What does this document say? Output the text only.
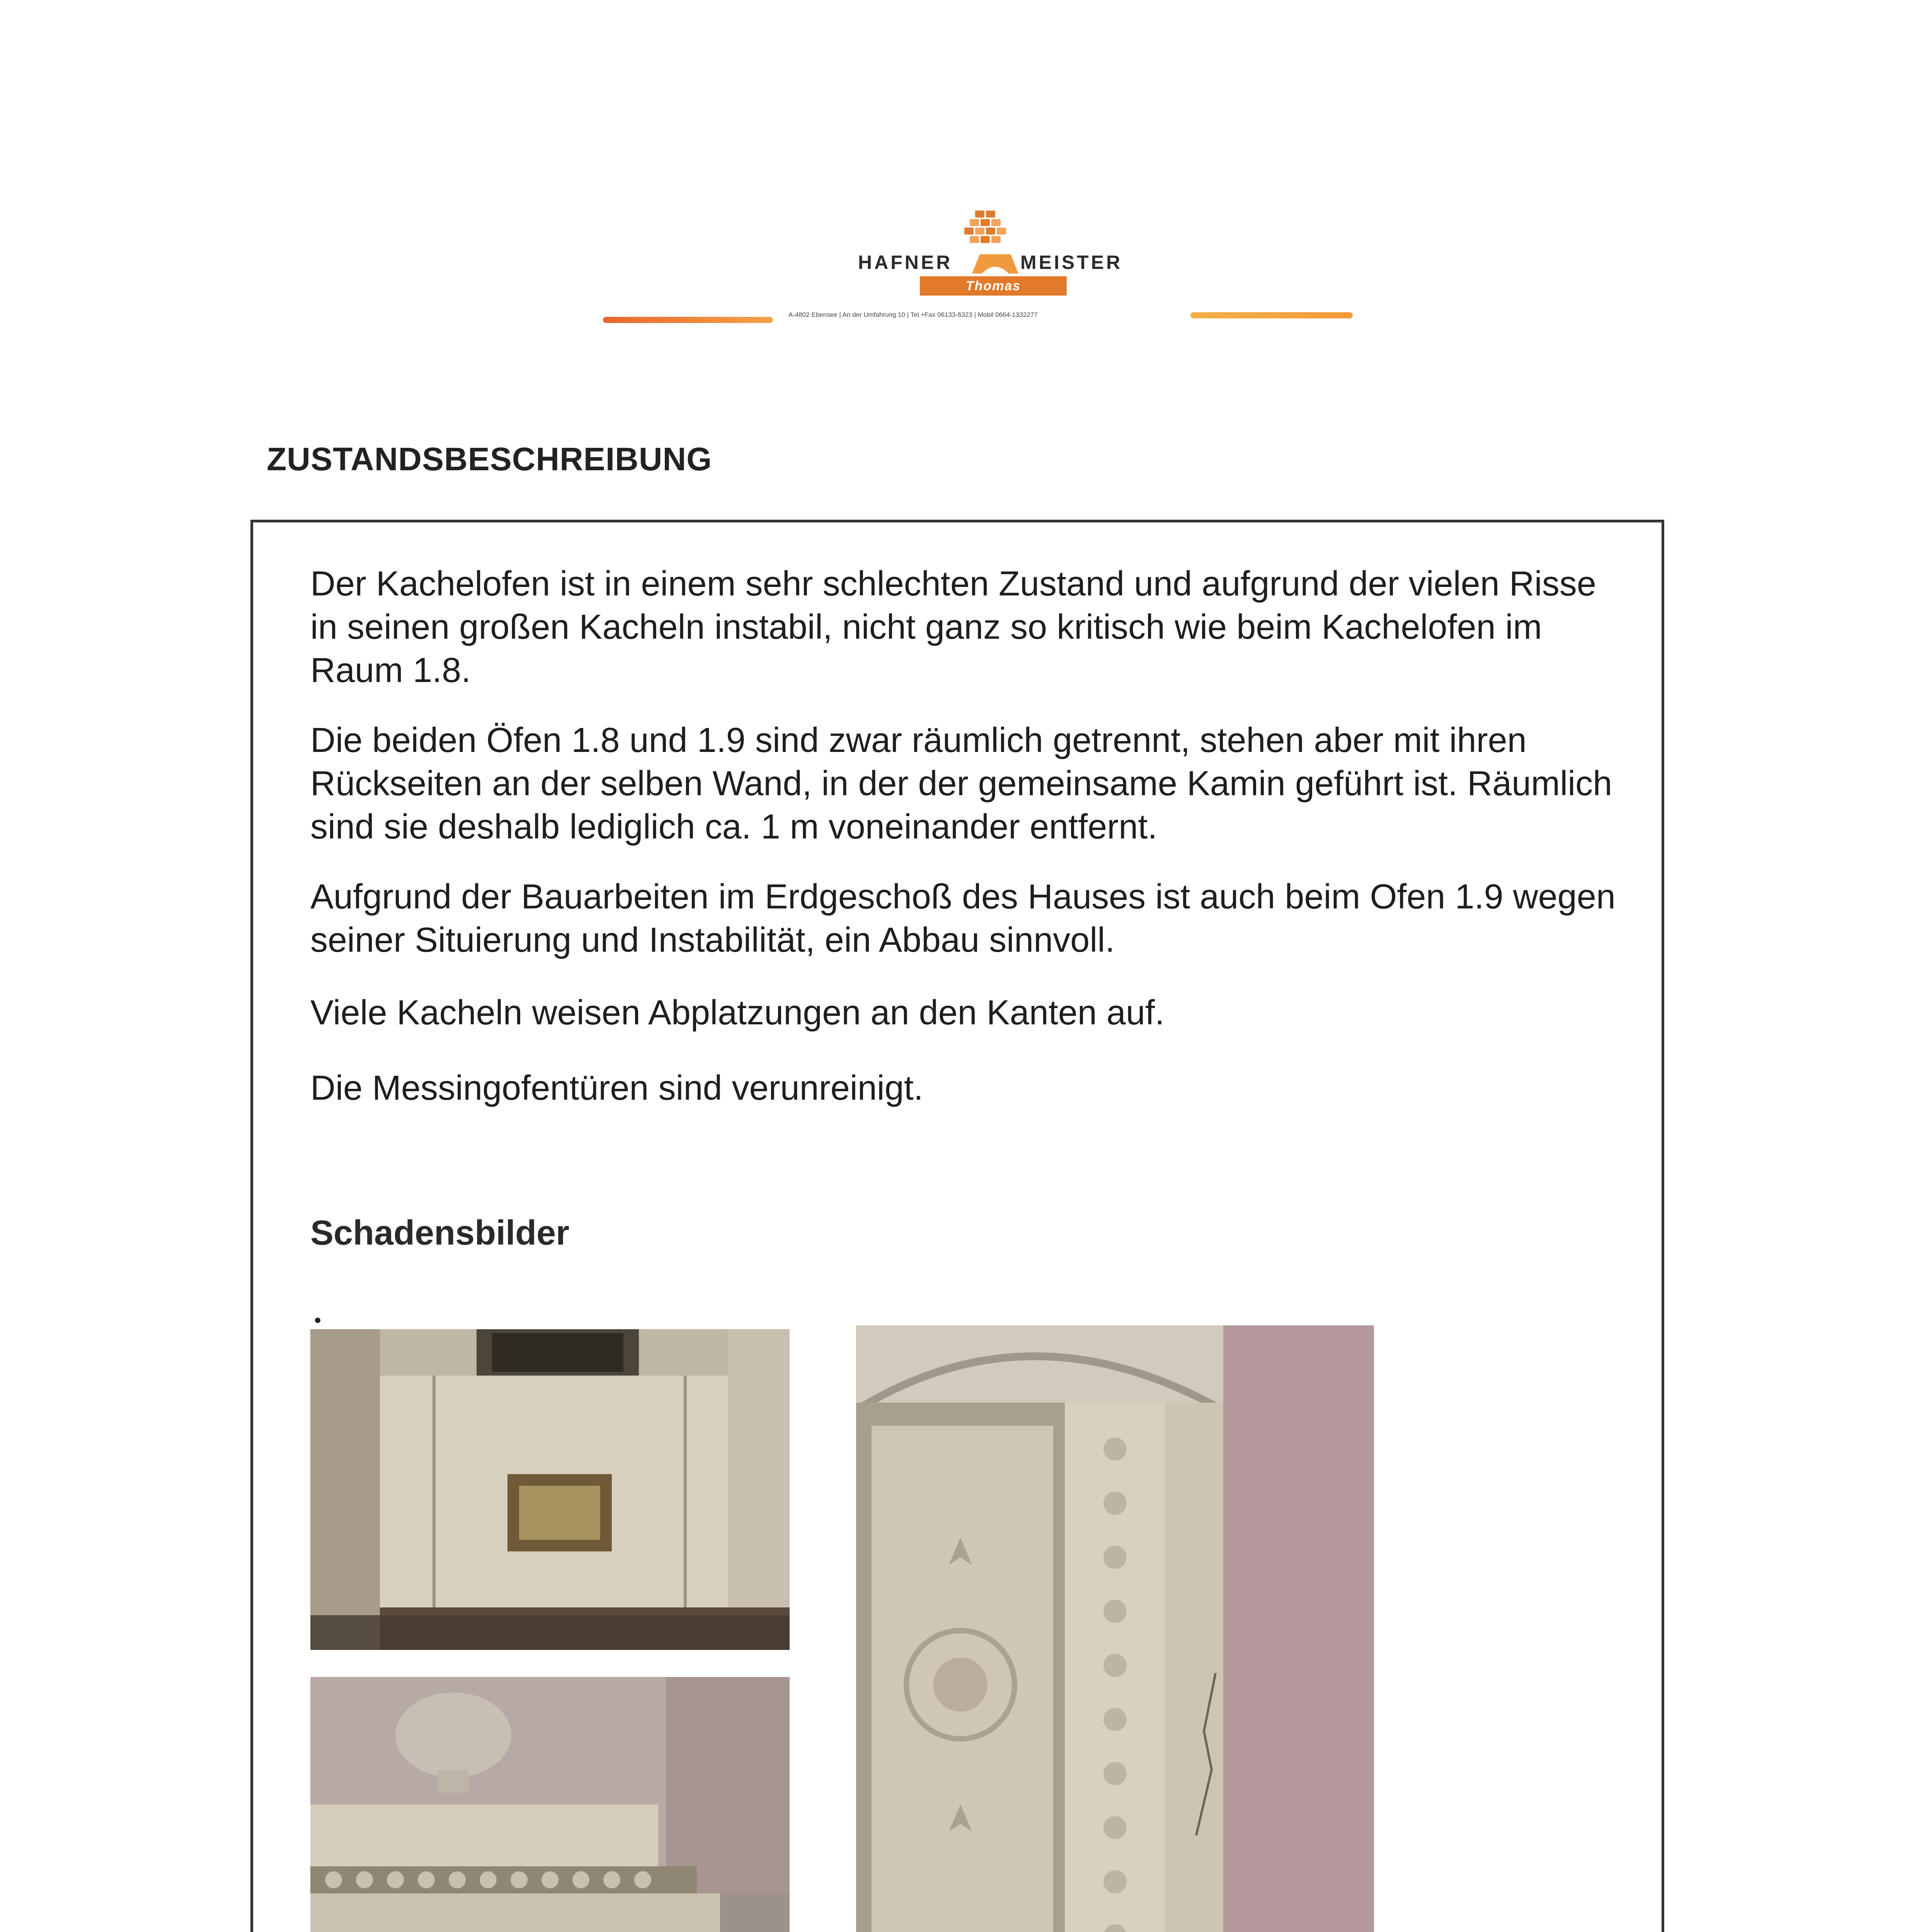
HAFNER	MEISTER
Thomas Bochsbichler
A-4802 Ebensee | An der Umfahrung 10 | Tel.+Fax 06133-6323 | Mobil 0664-1332277
ZUSTANDSBESCHREIBUNG

Der Kachelofen ist in einem sehr schlechten Zustand und aufgrund der vielen Risse in seinen großen Kacheln instabil, nicht ganz so kritisch wie beim Kachelofen im Raum 1.8.

Die beiden Öfen 1.8 und 1.9 sind zwar räumlich getrennt, stehen aber mit ihren Rückseiten an der selben Wand, in der der gemeinsame Kamin geführt ist. Räumlich sind sie deshalb lediglich ca. 1 m voneinander entfernt.

Aufgrund der Bauarbeiten im Erdgeschoß des Hauses ist auch beim Ofen 1.9 wegen seiner Situierung und Instabilität, ein Abbau sinnvoll.

Viele Kacheln weisen Abplatzungen an den Kanten auf.

Die Messingofentüren sind verunreinigt.

Schadensbilder
